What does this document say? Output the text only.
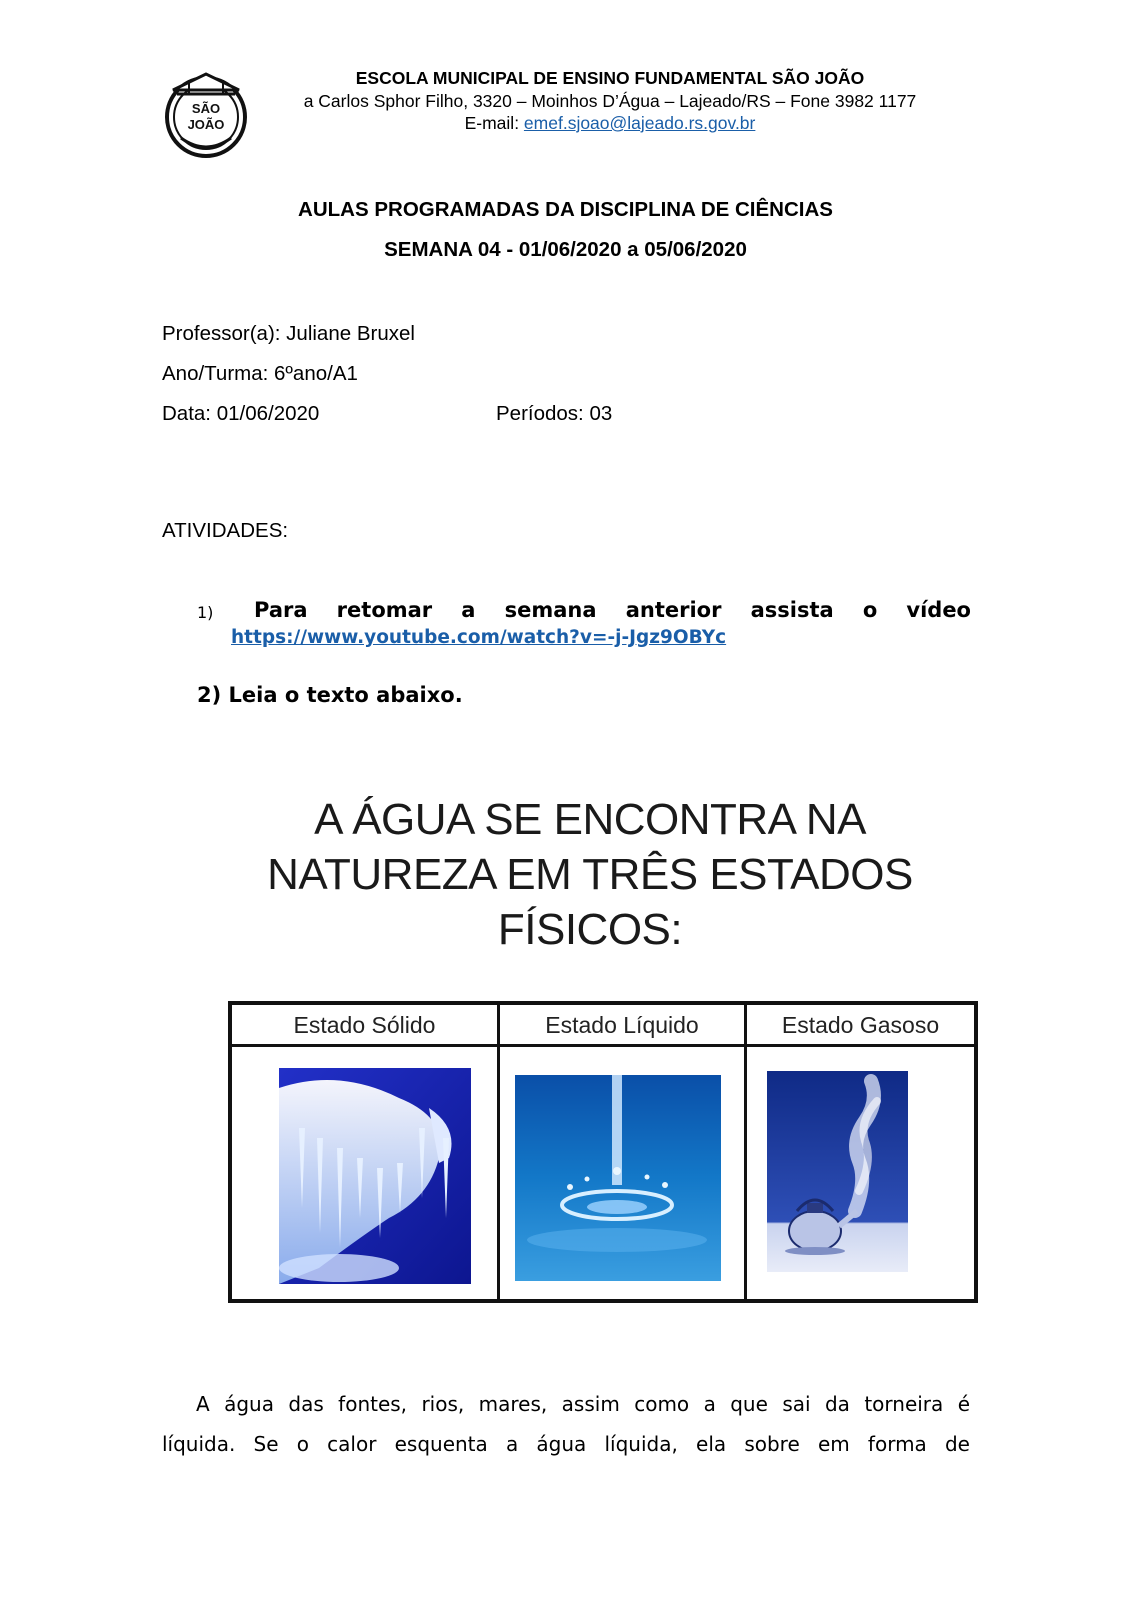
SÃO
JOÃO
ESCOLA MUNICIPAL DE ENSINO FUNDAMENTAL SÃO JOÃO
a Carlos Sphor Filho, 3320 – Moinhos D’Água – Lajeado/RS – Fone 3982 1177
E-mail: emef.sjoao@lajeado.rs.gov.br
AULAS PROGRAMADAS DA DISCIPLINA DE CIÊNCIAS
SEMANA 04 - 01/06/2020 a 05/06/2020
Professor(a): Juliane Bruxel
Ano/Turma: 6ºano/A1
Data: 01/06/2020	Períodos: 03
ATIVIDADES:
1) Para retomar a semana anterior assista o vídeo
https://www.youtube.com/watch?v=-j-Jgz9OBYc
2) Leia o texto abaixo.
A ÁGUA SE ENCONTRA NA
NATUREZA EM TRÊS ESTADOS
FÍSICOS:
Estado Sólido	Estado Líquido	Estado Gasoso
A água das fontes, rios, mares, assim como a que sai da torneira é
líquida. Se o calor esquenta a água líquida, ela sobre em forma de
